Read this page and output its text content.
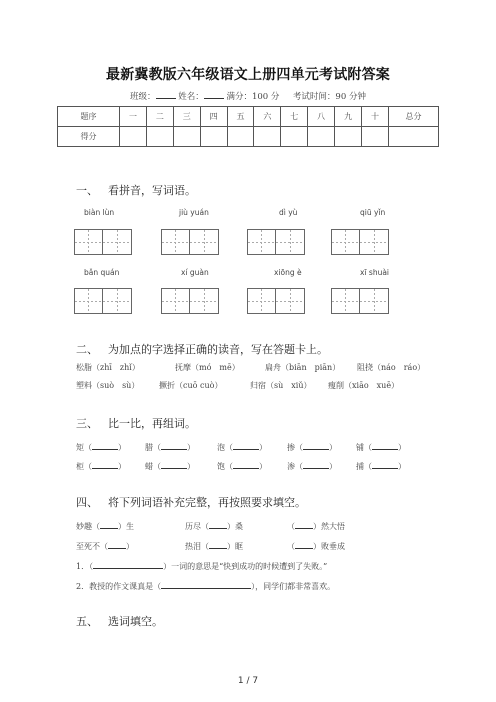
最新冀教版六年级语文上册四单元考试附答案
班级：	姓名：	满分：100 分 考试时间：90 分钟
题序	一	二	三	四	五	六	七	八	九	十	总分
得分											
一、 看拼音，写词语。
biàn lùn	jiù yuán	dì yù	qiū yǐn
bǎn quán	xí guàn	xiōng è	xī shuài
二、 为加点的字选择正确的读音，写在答题卡上。
松脂（zhī　zhǐ）	抚摩（mó　mē）	扁舟（biān　piān） 阻挠（náo　ráo）
塑料（suò　sù） 撅折（cuō cuò）	归宿（sù　xiǔ） 瘦削（xiāo　xuē）
三、 比一比，再组词。
矩（	） 腊（	）	泡（	）	掺（	） 铺（	）
柜（	） 蜡（	）	饱（	）	渗（	） 捕（	）
四、 将下列词语补充完整，再按照要求填空。
妙趣（ ）生	历尽（ ）桑	（ ）然大悟
至死不（ ）	热泪（ ）眶	（ ）败垂成
1．（	）一词的意思是“快到成功的时候遭到了失败。”
2．教授的作文课真是（	），同学们都非常喜欢。
五、 选词填空。
1 / 7
